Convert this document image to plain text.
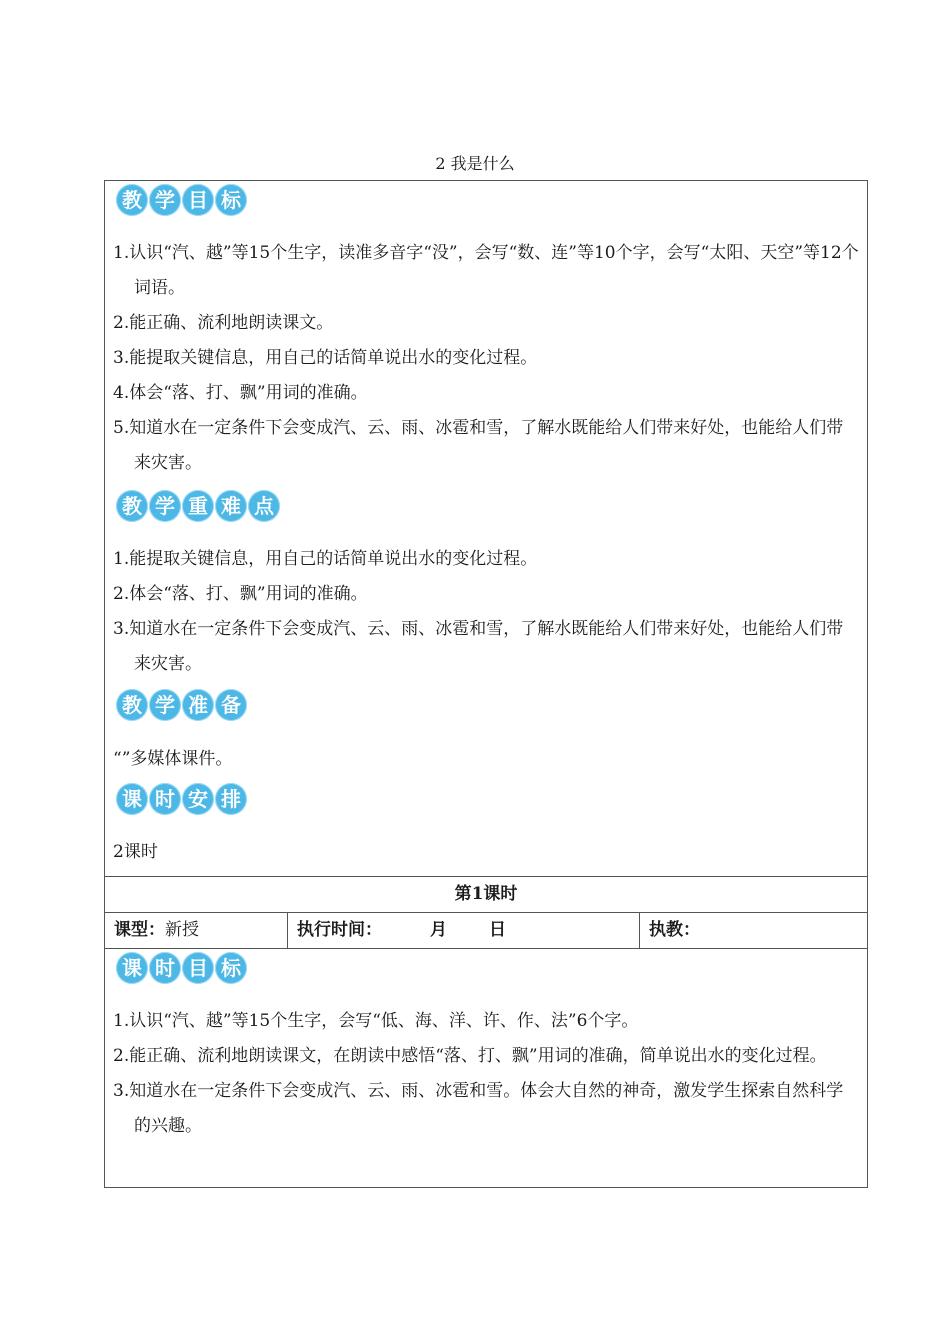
2 我是什么
教 学 目 标

1.认识“汽、越”等15个生字，读准多音字“没”，会写“数、连”等10个字，会写“太阳、天空”等12个词语。

2.能正确、流利地朗读课文。

3.能提取关键信息，用自己的话简单说出水的变化过程。

4.体会“落、打、飘”用词的准确。

5.知道水在一定条件下会变成汽、云、雨、冰雹和雪，了解水既能给人们带来好处，也能给人们带来灾害。

教 学 重 难 点

1.能提取关键信息，用自己的话简单说出水的变化过程。

2.体会“落、打、飘”用词的准确。

3.知道水在一定条件下会变成汽、云、雨、冰雹和雪，了解水既能给人们带来好处，也能给人们带来灾害。

教 学 准 备

“”多媒体课件。

课 时 安 排

2课时

第1课时
课型：新授	执行时间：	月 日	执教：
课 时 目 标

1.认识“汽、越”等15个生字，会写“低、海、洋、许、作、法”6个字。

2.能正确、流利地朗读课文，在朗读中感悟“落、打、飘”用词的准确，简单说出水的变化过程。

3.知道水在一定条件下会变成汽、云、雨、冰雹和雪。体会大自然的神奇，激发学生探索自然科学的兴趣。
